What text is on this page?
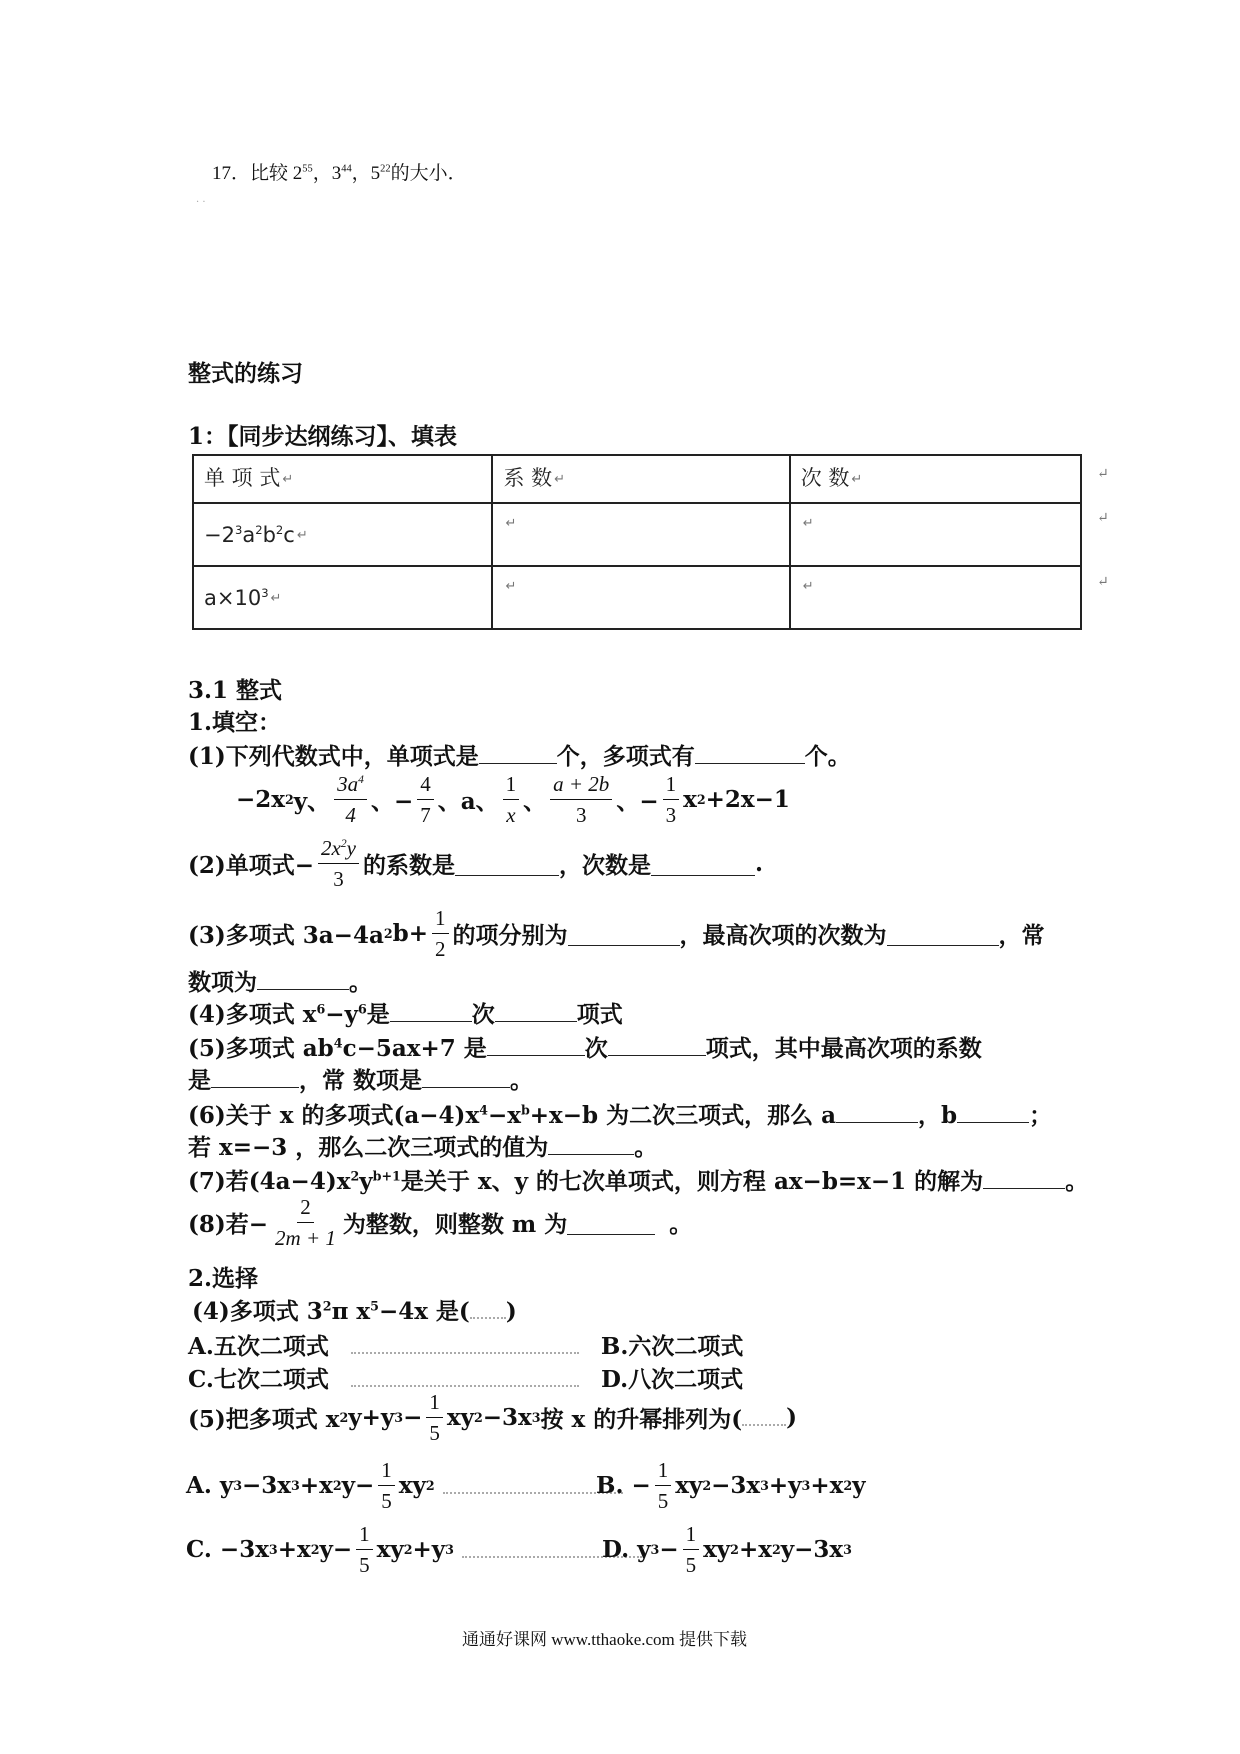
17．比较 $2^{55}$，$3^{44}$，$5^{22}$的大小．
· ·
整式的练习
1：【同步达纲练习】、填表
单 项 式 ↵	系 数 ↵	次 数 ↵
$-2^3a^2b^2c$ ↵	↵	↵
$a\times 10^3$ ↵	↵	↵
↵
↵
↵
3.1 整式
1.填空：
(1)下列代数式中，单项式是	个，多项式有	个。
−2x 2 y、 $\frac{3a^4}{4}$ 、− $\frac{4}{7}$ 、a、 $\frac{1}{x}$ 、 $\frac{a + 2b}{3}$ 、− $\frac{1}{3}$ x 2 +2x−1
(2)单项式− $\frac{2x^2y}{3}$ 的系数是	，次数是	.
(3)多项式 3a−4a 2 $b+ \frac{1}{2}$ 的项分别为	，最高次项的次数为	，常
数项为	。
(4)多项式 $x^6-y^6$是	次	项式
(5)多项式 $ab^4c-5ax+7$ 是	次	项式，其中最高次项的系数
是	，常 数项是	。
(6)关于 x 的多项式$(a-4)x^4-x^b+x-b$ 为二次三项式，那么 a	，b	；
若 x=−3 ，那么二次三项式的值为	。
(7)若$(4a-4)x^2y^{b+1}$是关于 x、y 的七次单项式，则方程 ax−b=x−1 的解为	。
(8)若− $\frac{2}{2m + 1}$ 为整数，则整数 m 为	。
2.选择
(4)多项式 $3^2\pi$ $x^5-4x$ 是( )
A.五次二项式	B.六次二项式
C.七次二项式	D.八次二项式
(5)把多项式 x 2 y+y $3 - \frac{1}{5}$ xy 2 −3x 3 按 x 的升幂排列为( )
A. y 3 −3x 3 +x 2 $y- \frac{1}{5}$ xy 2	B. − $\frac{1}{5}$ xy 2 −3x 3 +y 3 +x 2 y
C. −3x 3 +x 2 $y- \frac{1}{5}$ xy 2 +y 3	D. y $3 - \frac{1}{5}$ xy 2 +x 2 y−3x 3
通通好课网 www.tthaoke.com 提供下载
